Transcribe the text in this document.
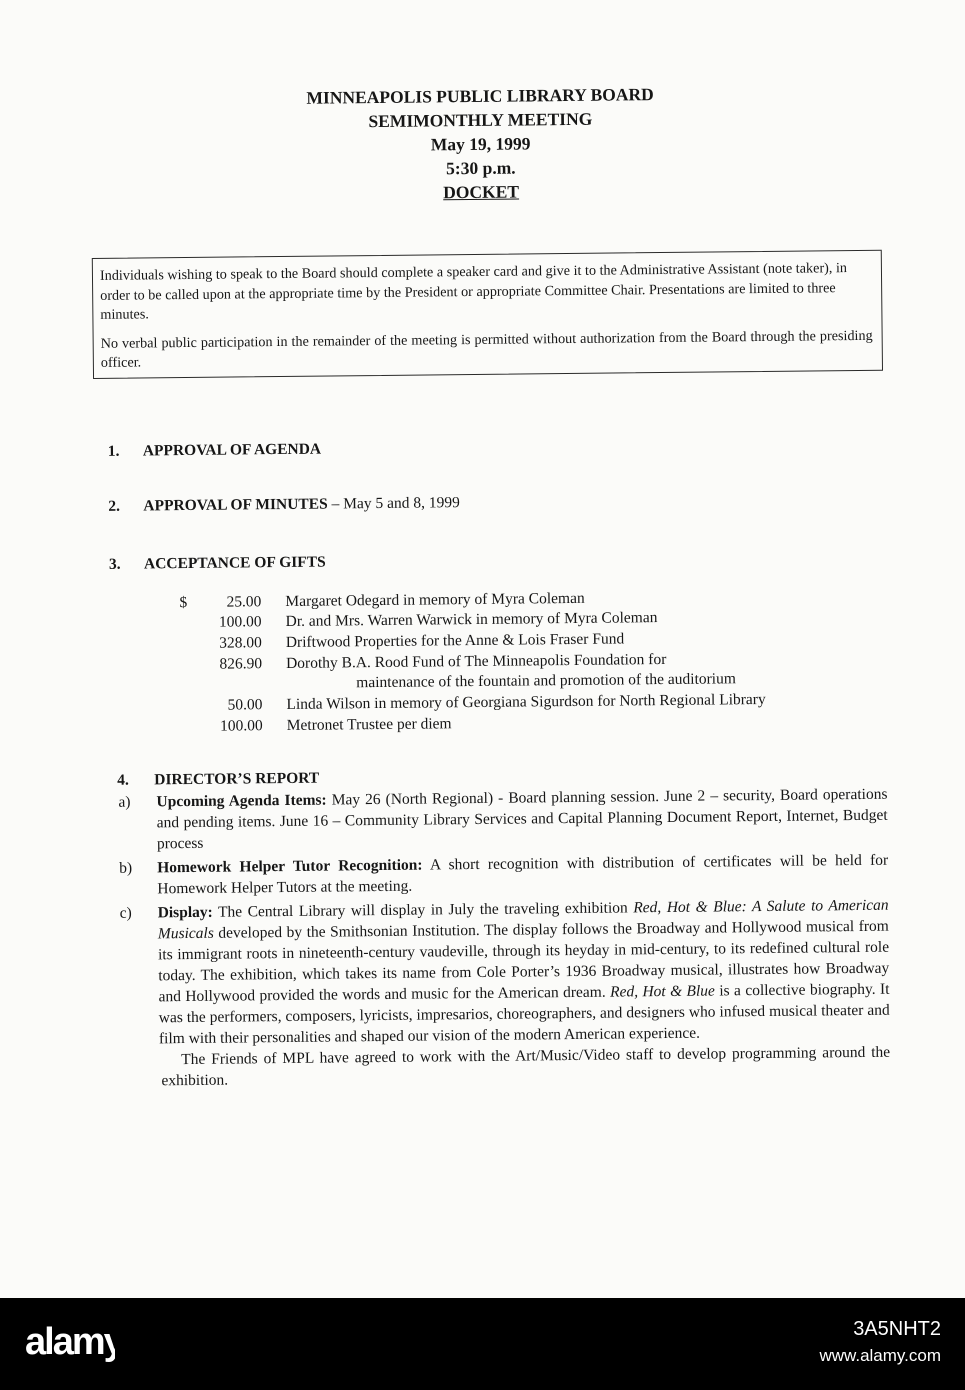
MINNEAPOLIS PUBLIC LIBRARY BOARD
SEMIMONTHLY MEETING
May 19, 1999
5:30 p.m.
DOCKET

Individuals wishing to speak to the Board should complete a speaker card and give it to the Administrative Assistant (note taker), in order to be called upon at the appropriate time by the President or appropriate Committee Chair. Presentations are limited to three minutes.

No verbal public participation in the remainder of the meeting is permitted without authorization from the Board through the presiding officer.

1. APPROVAL OF AGENDA
2. APPROVAL OF MINUTES – May 5 and 8, 1999
3. ACCEPTANCE OF GIFTS
$	25.00 Margaret Odegard in memory of Myra Coleman
100.00 Dr. and Mrs. Warren Warwick in memory of Myra Coleman
328.00 Driftwood Properties for the Anne & Lois Fraser Fund
826.90 Dorothy B.A. Rood Fund of The Minneapolis Foundation for
maintenance of the fountain and promotion of the auditorium
50.00 Linda Wilson in memory of Georgiana Sigurdson for North Regional Library
100.00 Metronet Trustee per diem
4. DIRECTOR’S REPORT
a)	Upcoming Agenda Items: May 26 (North Regional) - Board planning session. June 2 – security, Board operations and pending items. June 16 – Community Library Services and Capital Planning Document Report, Internet, Budget process
b)	Homework Helper Tutor Recognition: A short recognition with distribution of certificates will be held for Homework Helper Tutors at the meeting.
c)	Display: The Central Library will display in July the traveling exhibition Red, Hot & Blue: A Salute to American Musicals developed by the Smithsonian Institution. The display follows the Broadway and Hollywood musical from its immigrant roots in nineteenth-century vaudeville, through its heyday in mid-century, to its redefined cultural role today. The exhibition, which takes its name from Cole Porter’s 1936 Broadway musical, illustrates how Broadway and Hollywood provided the words and music for the American dream. Red, Hot & Blue is a collective biography. It was the performers, composers, lyricists, impresarios, choreographers, and designers who infused musical theater and film with their personalities and shaped our vision of the modern American experience.
The Friends of MPL have agreed to work with the Art/Music/Video staff to develop programming around the exhibition.
alamy	3A5NHT2
www.alamy.com
